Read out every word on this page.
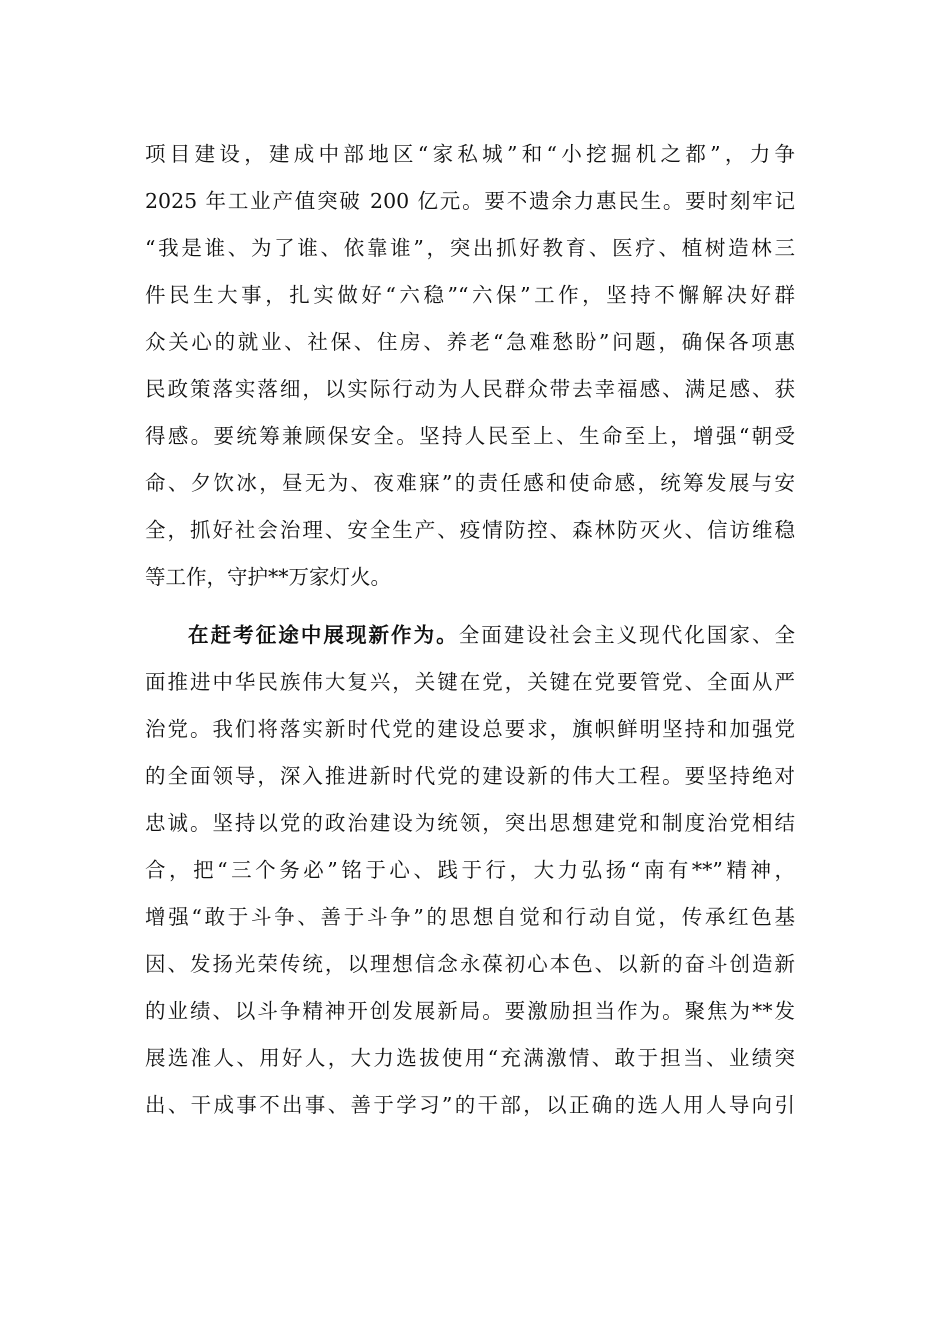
项目建设，建成中部地区“家私城”和“小挖掘机之都”，力争
2025 年工业产值突破 200 亿元。要不遗余力惠民生。要时刻牢记
“我是谁、为了谁、依靠谁”，突出抓好教育、医疗、植树造林三
件民生大事，扎实做好“六稳”“六保”工作，坚持不懈解决好群
众关心的就业、社保、住房、养老“急难愁盼”问题，确保各项惠
民政策落实落细，以实际行动为人民群众带去幸福感、满足感、获
得感。要统筹兼顾保安全。坚持人民至上、生命至上，增强“朝受
命、夕饮冰，昼无为、夜难寐”的责任感和使命感，统筹发展与安
全，抓好社会治理、安全生产、疫情防控、森林防灭火、信访维稳
等工作，守护**万家灯火。
在赶考征途中展现新作为。全面建设社会主义现代化国家、全
面推进中华民族伟大复兴，关键在党，关键在党要管党、全面从严
治党。我们将落实新时代党的建设总要求，旗帜鲜明坚持和加强党
的全面领导，深入推进新时代党的建设新的伟大工程。要坚持绝对
忠诚。坚持以党的政治建设为统领，突出思想建党和制度治党相结
合，把“三个务必”铭于心、践于行，大力弘扬“南有**”精神，
增强“敢于斗争、善于斗争”的思想自觉和行动自觉，传承红色基
因、发扬光荣传统，以理想信念永葆初心本色、以新的奋斗创造新
的业绩、以斗争精神开创发展新局。要激励担当作为。聚焦为**发
展选准人、用好人，大力选拔使用“充满激情、敢于担当、业绩突
出、干成事不出事、善于学习”的干部，以正确的选人用人导向引
